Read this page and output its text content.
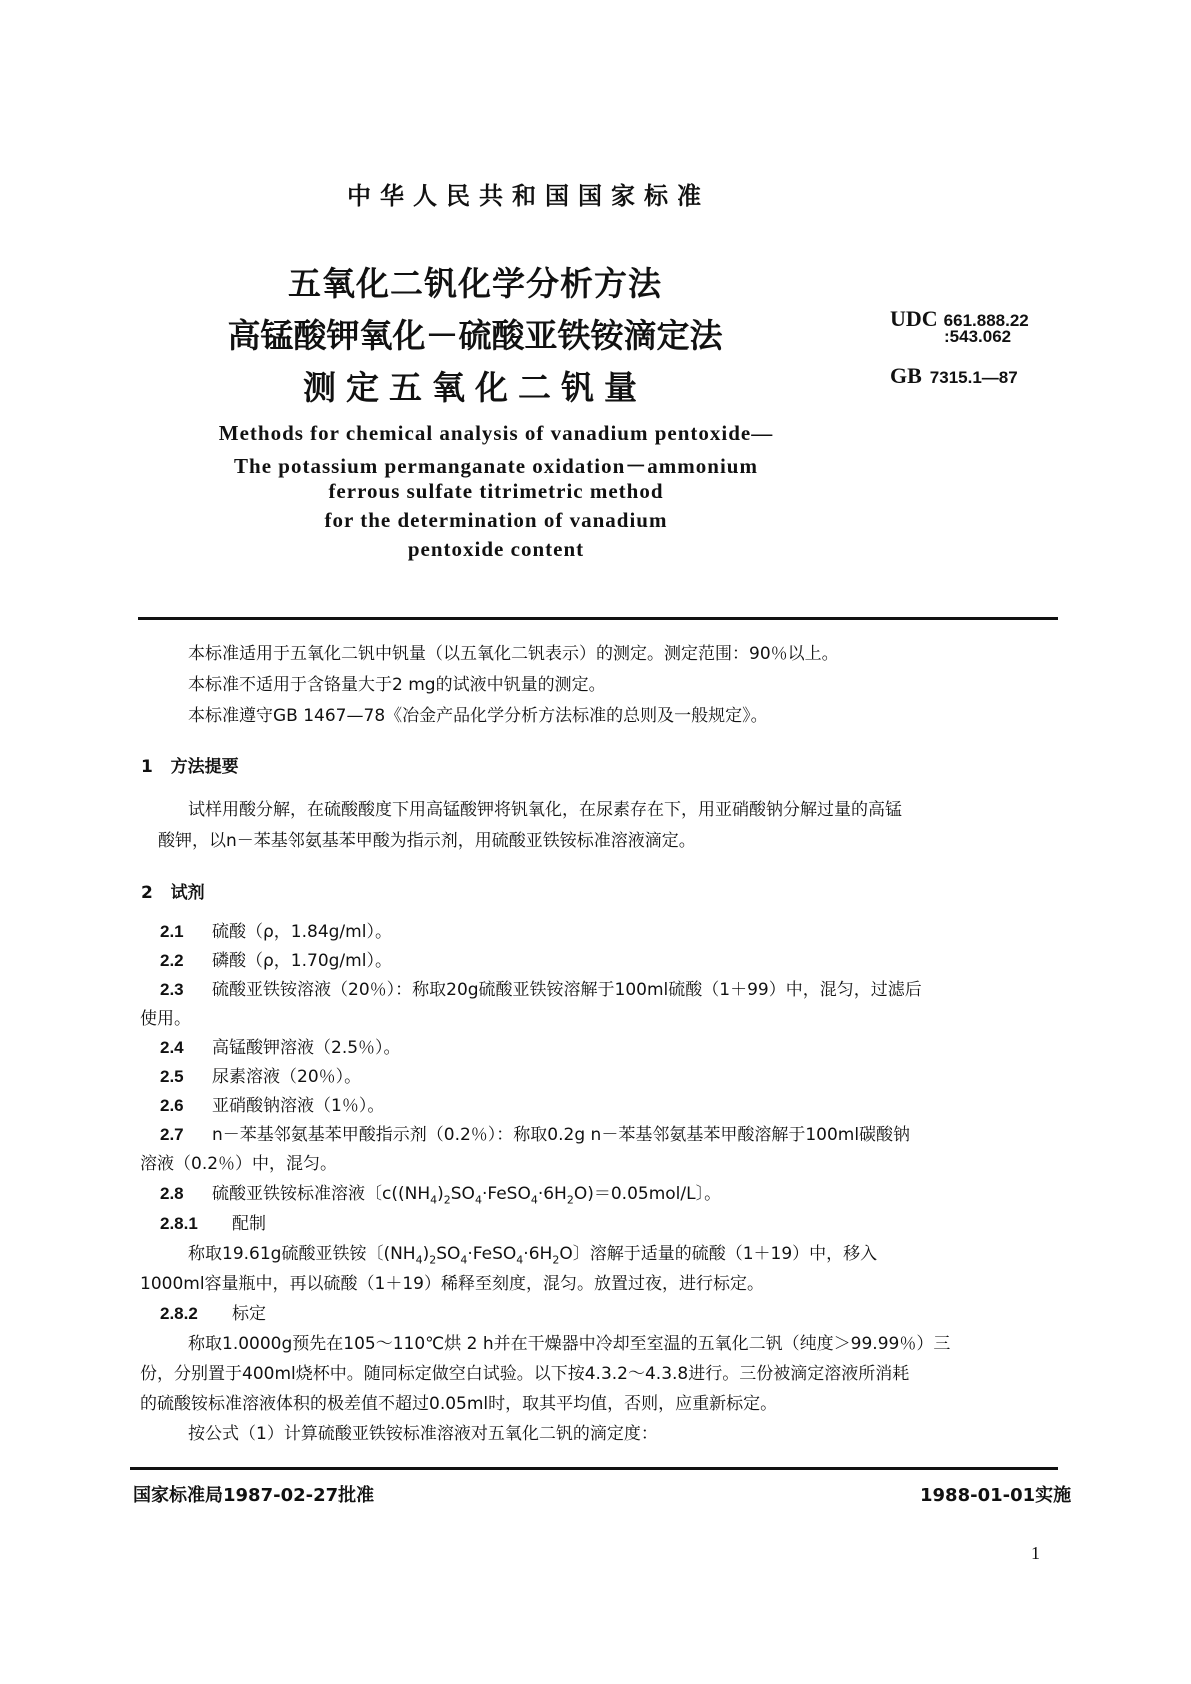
中华人民共和国国家标准
五氧化二钒化学分析方法
高锰酸钾氧化－硫酸亚铁铵滴定法
测定五氧化二钒量
UDC 661.888.22
:543.062
GB 7315.1—87
Methods for chemical analysis of vanadium pentoxide—
The potassium permanganate oxidation－ammonium
ferrous sulfate titrimetric method
for the determination of vanadium
pentoxide content
本标准适用于五氧化二钒中钒量（以五氧化二钒表示）的测定。测定范围：90％以上。
本标准不适用于含铬量大于2 mg的试液中钒量的测定。
本标准遵守GB 1467—78《冶金产品化学分析方法标准的总则及一般规定》。
1 方法提要
试样用酸分解，在硫酸酸度下用高锰酸钾将钒氧化，在尿素存在下，用亚硝酸钠分解过量的高锰
酸钾，以n－苯基邻氨基苯甲酸为指示剂，用硫酸亚铁铵标准溶液滴定。
2 试剂
2.1 硫酸（ρ，1.84g/ml）。
2.2 磷酸（ρ，1.70g/ml）。
2.3 硫酸亚铁铵溶液（20％）：称取20g硫酸亚铁铵溶解于100ml硫酸（1＋99）中，混匀，过滤后
使用。
2.4 高锰酸钾溶液（2.5％）。
2.5 尿素溶液（20％）。
2.6 亚硝酸钠溶液（1％）。
2.7 n－苯基邻氨基苯甲酸指示剂（0.2％）：称取0.2g n－苯基邻氨基苯甲酸溶解于100ml碳酸钠
溶液（0.2％）中，混匀。
2.8 硫酸亚铁铵标准溶液〔$c((NH_4)_2SO_4\cdot FeSO_4\cdot 6H_2O)=0.05mol/L$〕。
2.8.1 配制
称取19.61g硫酸亚铁铵〔$(NH_4)_2SO_4\cdot FeSO_4\cdot 6H_2O$〕溶解于适量的硫酸（1＋19）中，移入
1000ml容量瓶中，再以硫酸（1＋19）稀释至刻度，混匀。放置过夜，进行标定。
2.8.2 标定
称取1.0000g预先在105～110℃烘 2 h并在干燥器中冷却至室温的五氧化二钒（纯度＞99.99％）三
份，分别置于400ml烧杯中。随同标定做空白试验。以下按4.3.2～4.3.8进行。三份被滴定溶液所消耗
的硫酸铵标准溶液体积的极差值不超过0.05ml时，取其平均值，否则，应重新标定。
按公式（1）计算硫酸亚铁铵标准溶液对五氧化二钒的滴定度：
国家标准局1987-02-27批准	1988-01-01实施
1
